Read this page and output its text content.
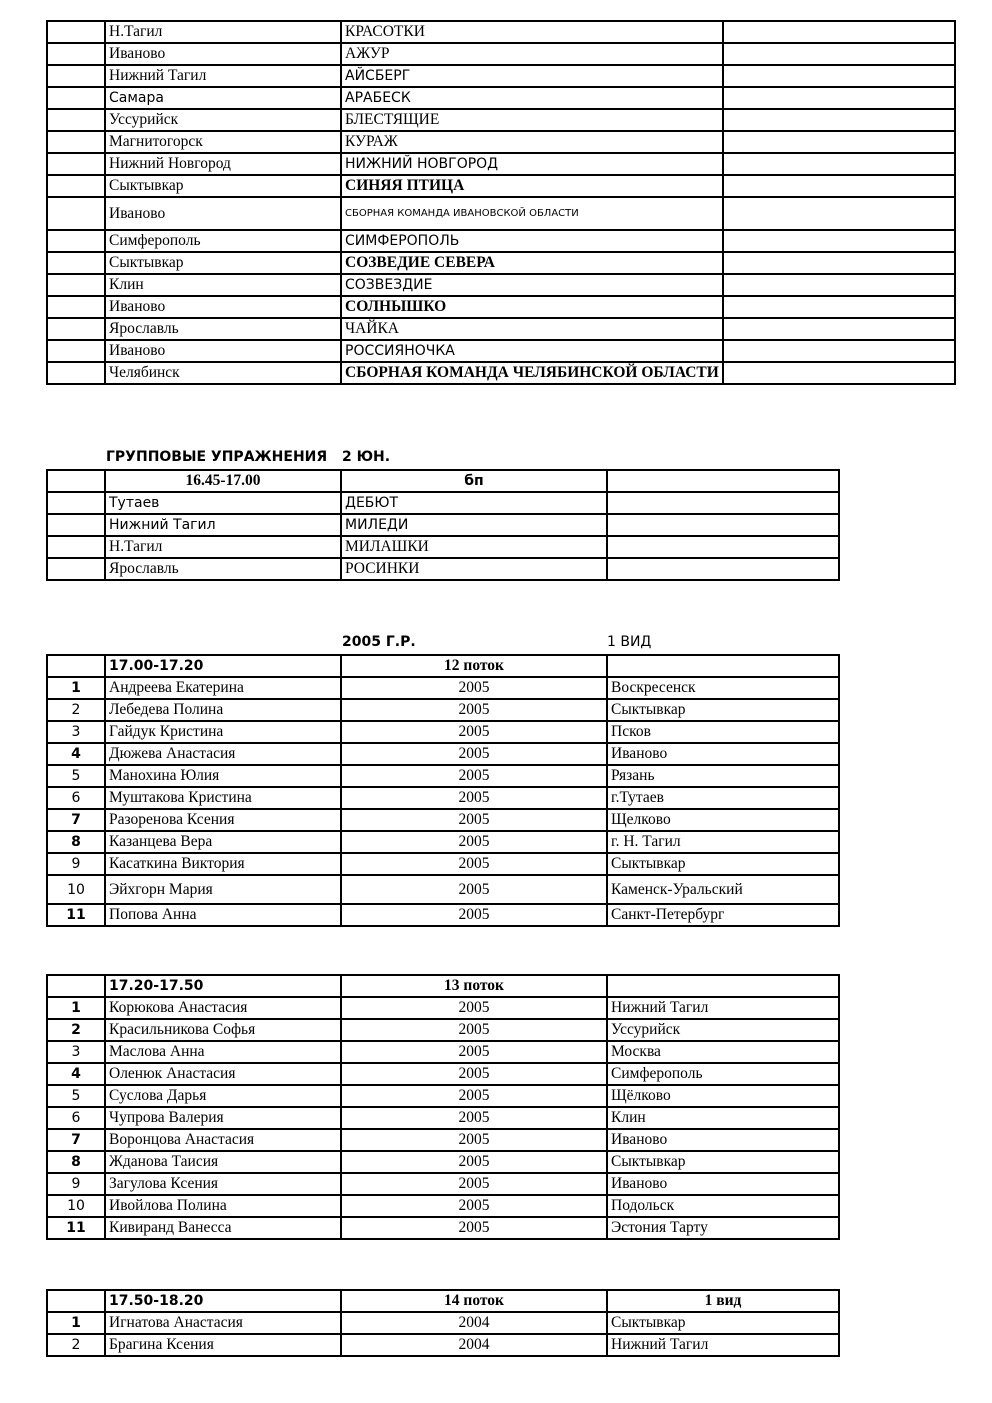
	Н.Тагил	КРАСОТКИ	
	Иваново	АЖУР	
	Нижний Тагил	АЙСБЕРГ	
	Самара	АРАБЕСК	
	Уссурийск	БЛЕСТЯЩИЕ	
	Магнитогорск	КУРАЖ	
	Нижний Новгород	НИЖНИЙ НОВГОРОД	
	Сыктывкар	СИНЯЯ ПТИЦА	
	Иваново	СБОРНАЯ КОМАНДА ИВАНОВСКОЙ ОБЛАСТИ	
	Симферополь	СИМФЕРОПОЛЬ	
	Сыктывкар	СОЗВЕДИЕ СЕВЕРА	
	Клин	СОЗВЕЗДИЕ	
	Иваново	СОЛНЫШКО	
	Ярославль	ЧАЙКА	
	Иваново	РОССИЯНОЧКА	
	Челябинск	СБОРНАЯ КОМАНДА ЧЕЛЯБИНСКОЙ ОБЛАСТИ	
ГРУППОВЫЕ УПРАЖНЕНИЯ 2 ЮН.
	16.45-17.00	бп	
	Тутаев	ДЕБЮТ	
	Нижний Тагил	МИЛЕДИ	
	Н.Тагил	МИЛАШКИ	
	Ярославль	РОСИНКИ	
2005 Г.Р.	1 ВИД
	17.00-17.20	12 поток	
1	Андреева Екатерина	2005	Воскресенск
2	Лебедева Полина	2005	Сыктывкар
3	Гайдук Кристина	2005	Псков
4	Дюжева Анастасия	2005	Иваново
5	Манохина Юлия	2005	Рязань
6	Муштакова Кристина	2005	г.Тутаев
7	Разоренова Ксения	2005	Щелково
8	Казанцева Вера	2005	г. Н. Тагил
9	Касаткина Виктория	2005	Сыктывкар
10	Эйхгорн Мария	2005	Каменск-Уральский
11	Попова Анна	2005	Санкт-Петербург
	17.20-17.50	13 поток	
1	Корюкова Анастасия	2005	Нижний Тагил
2	Красильникова Софья	2005	Уссурийск
3	Маслова Анна	2005	Москва
4	Оленюк Анастасия	2005	Симферополь
5	Суслова Дарья	2005	Щёлково
6	Чупрова Валерия	2005	Клин
7	Воронцова Анастасия	2005	Иваново
8	Жданова Таисия	2005	Сыктывкар
9	Загулова Ксения	2005	Иваново
10	Ивойлова Полина	2005	Подольск
11	Кивиранд Ванесса	2005	Эстония Тарту
	17.50-18.20	14 поток	1 вид
1	Игнатова Анастасия	2004	Сыктывкар
2	Брагина Ксения	2004	Нижний Тагил
